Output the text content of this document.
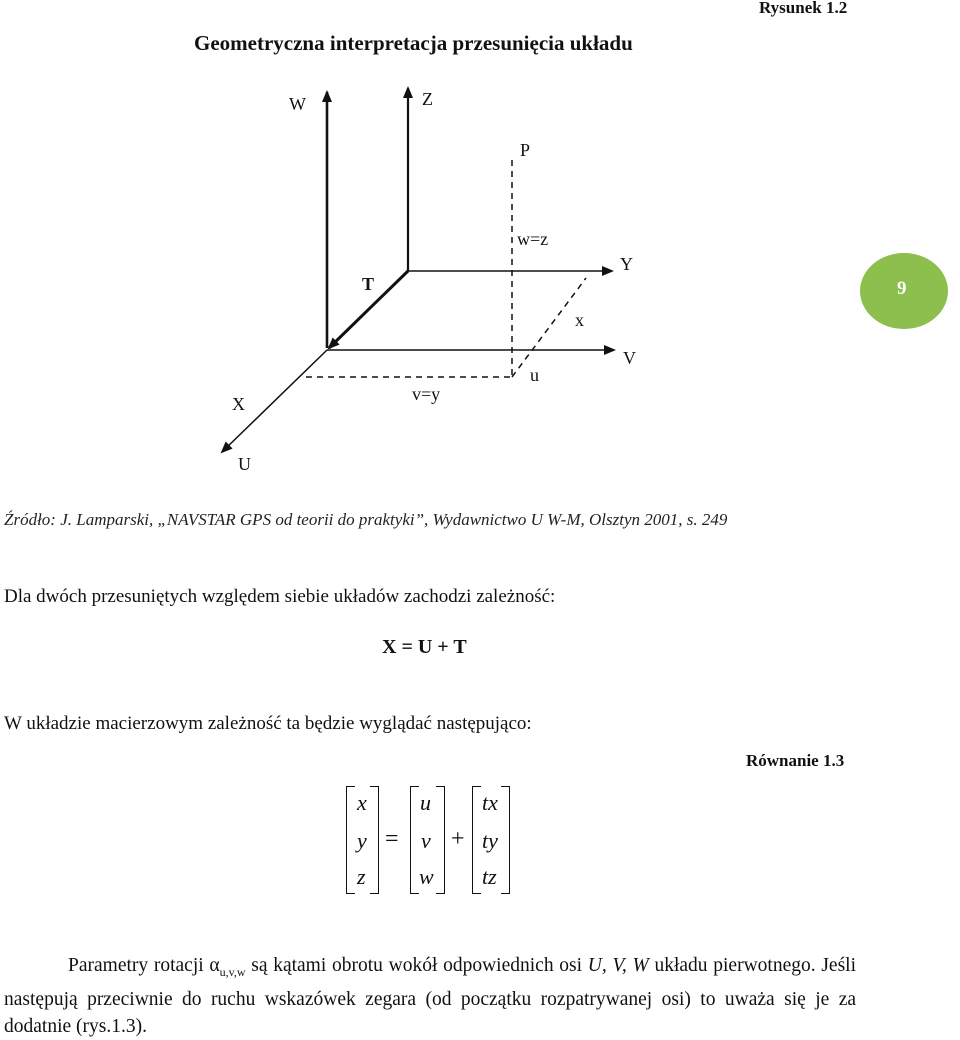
Rysunek 1.2
Geometryczna interpretacja przesunięcia układu
9
W	Z
P
w=z
Y
T
x
V
u
X	v=y
U
Źródło: J. Lamparski, „NAVSTAR GPS od teorii do praktyki”, Wydawnictwo U W-M, Olsztyn 2001, s. 249
Dla dwóch przesuniętych względem siebie układów zachodzi zależność:
X = U + T
W układzie macierzowym zależność ta będzie wyglądać następująco:
Równanie 1.3
x
y
z
=
u
v
w
+
tx
ty
tz
Parametry rotacji $\alpha_{u,v,w}$ są kątami obrotu wokół odpowiednich osi U, V, W układu pierwotnego. Jeśli następują przeciwnie do ruchu wskazówek zegara (od początku rozpatrywanej osi) to uważa się je za dodatnie (rys.1.3).
